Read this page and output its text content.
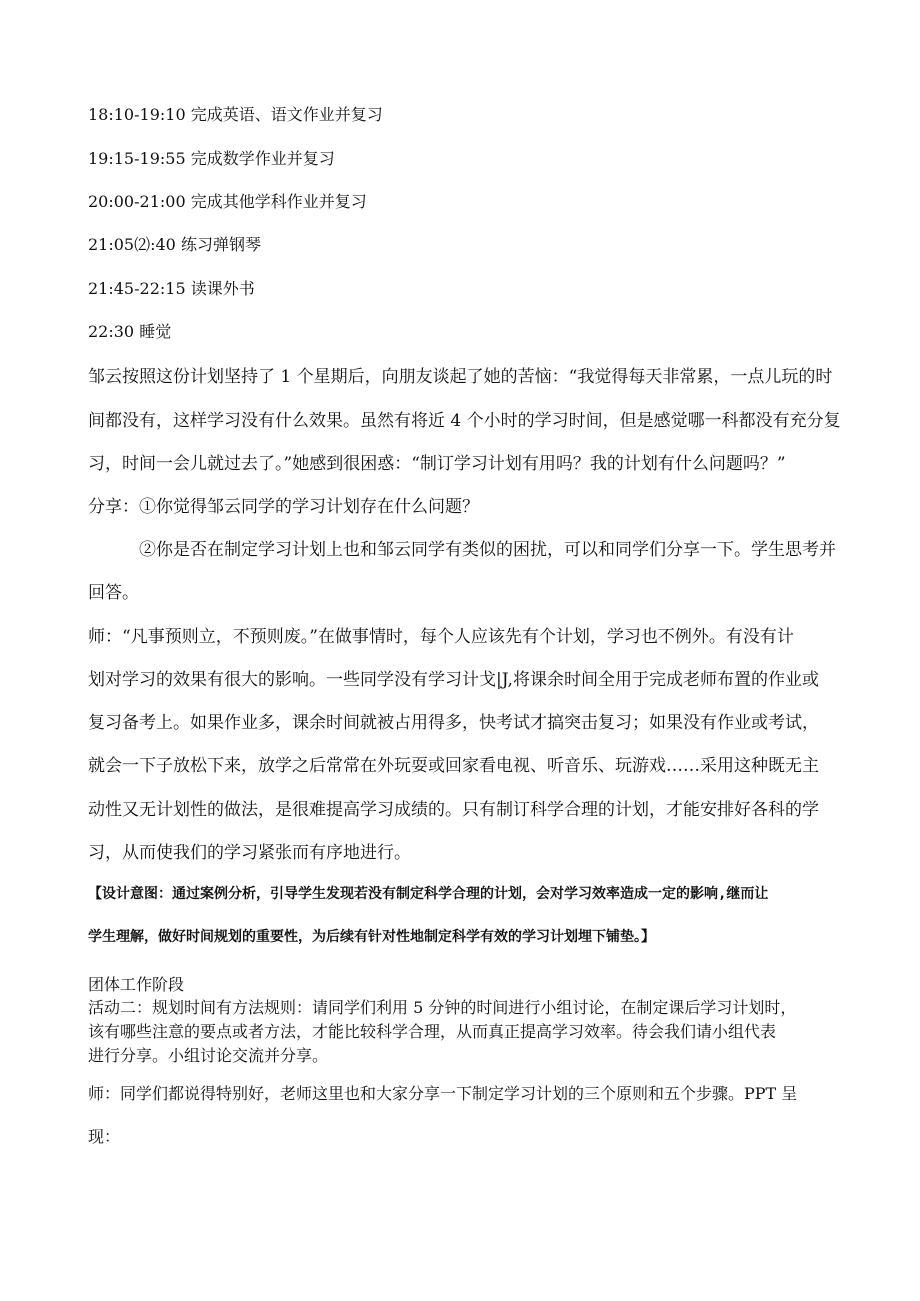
18:10-19:10 完成英语、语文作业并复习

19:15-19:55 完成数学作业并复习

20:00-21:00 完成其他学科作业并复习

21:05⑵:40 练习弹钢琴

21:45-22:15 读课外书

22:30 睡觉

邹云按照这份计划坚持了 1 个星期后，向朋友谈起了她的苦恼：“我觉得每天非常累，一点儿玩的时

间都没有，这样学习没有什么效果。虽然有将近 4 个小时的学习时间，但是感觉哪一科都没有充分复

习，时间一会儿就过去了。”她感到很困惑：“制订学习计划有用吗？我的计划有什么问题吗？”

分享：①你觉得邹云同学的学习计划存在什么问题？

②你是否在制定学习计划上也和邹云同学有类似的困扰，可以和同学们分享一下。学生思考并

回答。

师：“凡事预则立，不预则废。”在做事情时，每个人应该先有个计划，学习也不例外。有没有计

划对学习的效果有很大的影响。一些同学没有学习计戈|J,将课余时间全用于完成老师布置的作业或

复习备考上。如果作业多，课余时间就被占用得多，快考试才搞突击复习；如果没有作业或考试，

就会一下子放松下来，放学之后常常在外玩耍或回家看电视、听音乐、玩游戏……采用这种既无主

动性又无计划性的做法，是很难提高学习成绩的。只有制订科学合理的计划，才能安排好各科的学

习，从而使我们的学习紧张而有序地进行。

【设计意图：通过案例分析，引导学生发现若没有制定科学合理的计划，会对学习效率造成一定的影响,继而让

学生理解，做好时间规划的重要性，为后续有针对性地制定科学有效的学习计划埋下铺垫。】

团体工作阶段

活动二：规划时间有方法规则：请同学们利用 5 分钟的时间进行小组讨论，在制定课后学习计划时，

该有哪些注意的要点或者方法，才能比较科学合理，从而真正提高学习效率。待会我们请小组代表

进行分享。小组讨论交流并分享。

师：同学们都说得特别好，老师这里也和大家分享一下制定学习计划的三个原则和五个步骤。PPT 呈

现：
